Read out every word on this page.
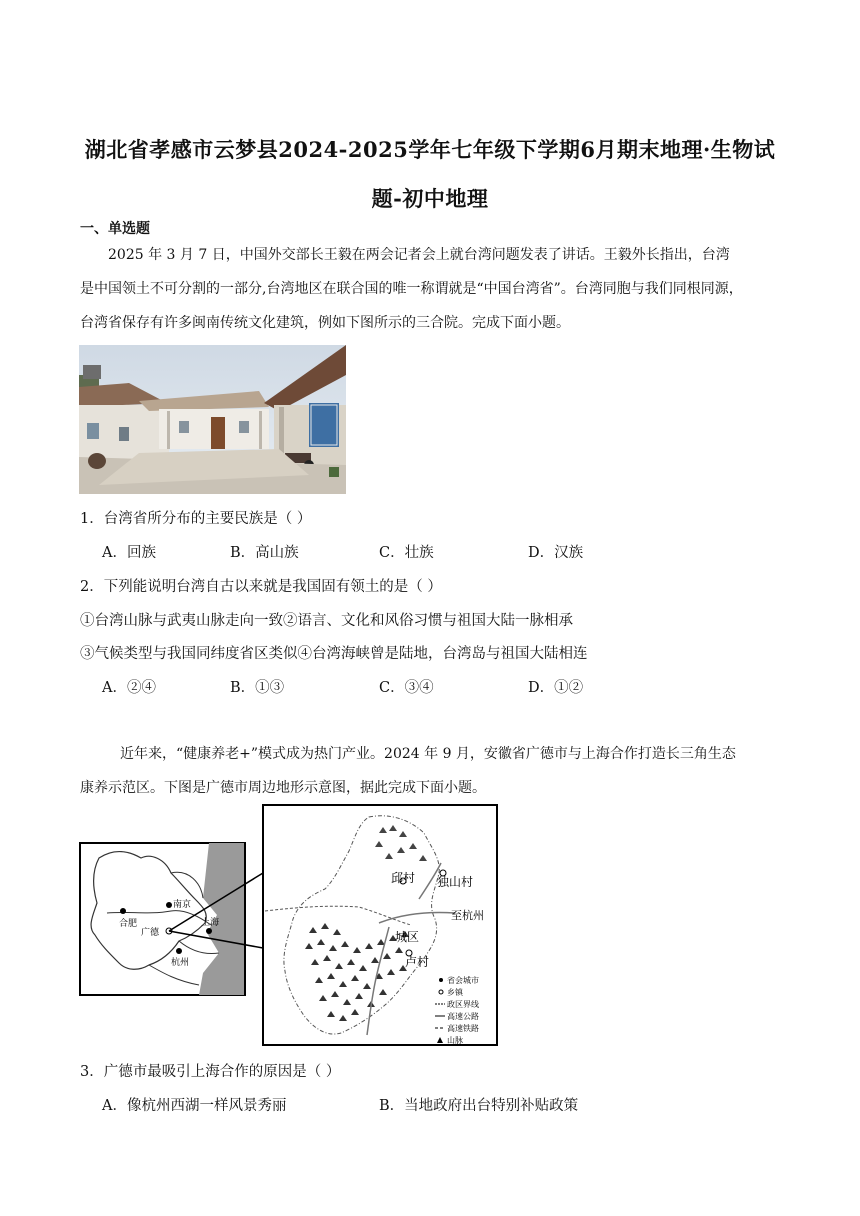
湖北省孝感市云梦县2024-2025学年七年级下学期6月期末地理·生物试
题-初中地理
一、单选题
2025 年 3 月 7 日，中国外交部长王毅在两会记者会上就台湾问题发表了讲话。王毅外长指出，台湾
是中国领土不可分割的一部分,台湾地区在联合国的唯一称谓就是“中国台湾省”。台湾同胞与我们同根同源，
台湾省保存有许多闽南传统文化建筑，例如下图所示的三合院。完成下面小题。
1．台湾省所分布的主要民族是（ ）
A．回族	B．高山族	C．壮族	D．汉族
2．下列能说明台湾自古以来就是我国固有领土的是（ ）
①台湾山脉与武夷山脉走向一致②语言、文化和风俗习惯与祖国大陆一脉相承
③气候类型与我国同纬度省区类似④台湾海峡曾是陆地，台湾岛与祖国大陆相连
A．②④	B．①③	C．③④	D．①②
近年来，“健康养老+”模式成为热门产业。2024 年 9 月，安徽省广德市与上海合作打造长三角生态
康养示范区。下图是广德市周边地形示意图，据此完成下面小题。
合肥
南京
广德
上海
杭州
邱村 独山村
至杭州
城区
卢村
省会城市
乡镇
政区界线
高速公路
高速铁路
山脉
3．广德市最吸引上海合作的原因是（ ）
A．像杭州西湖一样风景秀丽	B．当地政府出台特别补贴政策
